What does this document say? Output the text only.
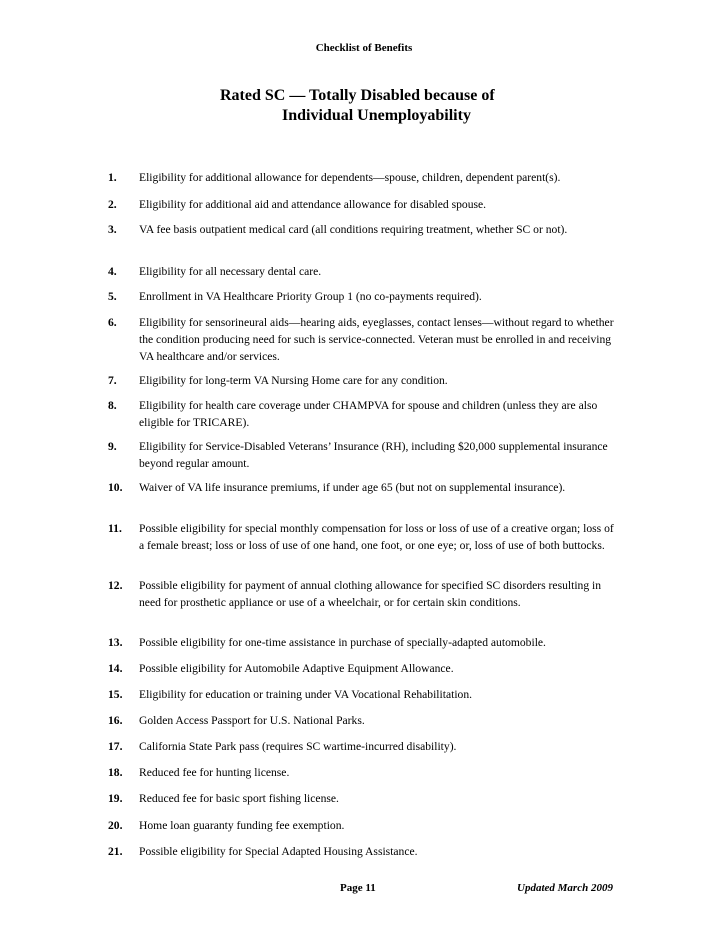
Checklist of Benefits
Rated SC — Totally Disabled because of
Individual Unemployability
1. Eligibility for additional allowance for dependents—spouse, children, dependent parent(s).
2. Eligibility for additional aid and attendance allowance for disabled spouse.
3. VA fee basis outpatient medical card (all conditions requiring treatment, whether SC or not).
4. Eligibility for all necessary dental care.
5. Enrollment in VA Healthcare Priority Group 1 (no co-payments required).
6. Eligibility for sensorineural aids—hearing aids, eyeglasses, contact lenses—without regard to whether the condition producing need for such is service-connected. Veteran must be enrolled in and receiving VA healthcare and/or services.
7. Eligibility for long-term VA Nursing Home care for any condition.
8. Eligibility for health care coverage under CHAMPVA for spouse and children (unless they are also eligible for TRICARE).
9. Eligibility for Service-Disabled Veterans’ Insurance (RH), including $20,000 supplemental insurance beyond regular amount.
10. Waiver of VA life insurance premiums, if under age 65 (but not on supplemental insurance).
11. Possible eligibility for special monthly compensation for loss or loss of use of a creative organ; loss of a female breast; loss or loss of use of one hand, one foot, or one eye; or, loss of use of both buttocks.
12. Possible eligibility for payment of annual clothing allowance for specified SC disorders resulting in need for prosthetic appliance or use of a wheelchair, or for certain skin conditions.
13. Possible eligibility for one-time assistance in purchase of specially-adapted automobile.
14. Possible eligibility for Automobile Adaptive Equipment Allowance.
15. Eligibility for education or training under VA Vocational Rehabilitation.
16. Golden Access Passport for U.S. National Parks.
17. California State Park pass (requires SC wartime-incurred disability).
18. Reduced fee for hunting license.
19. Reduced fee for basic sport fishing license.
20. Home loan guaranty funding fee exemption.
21. Possible eligibility for Special Adapted Housing Assistance.
Page 11	Updated March 2009
